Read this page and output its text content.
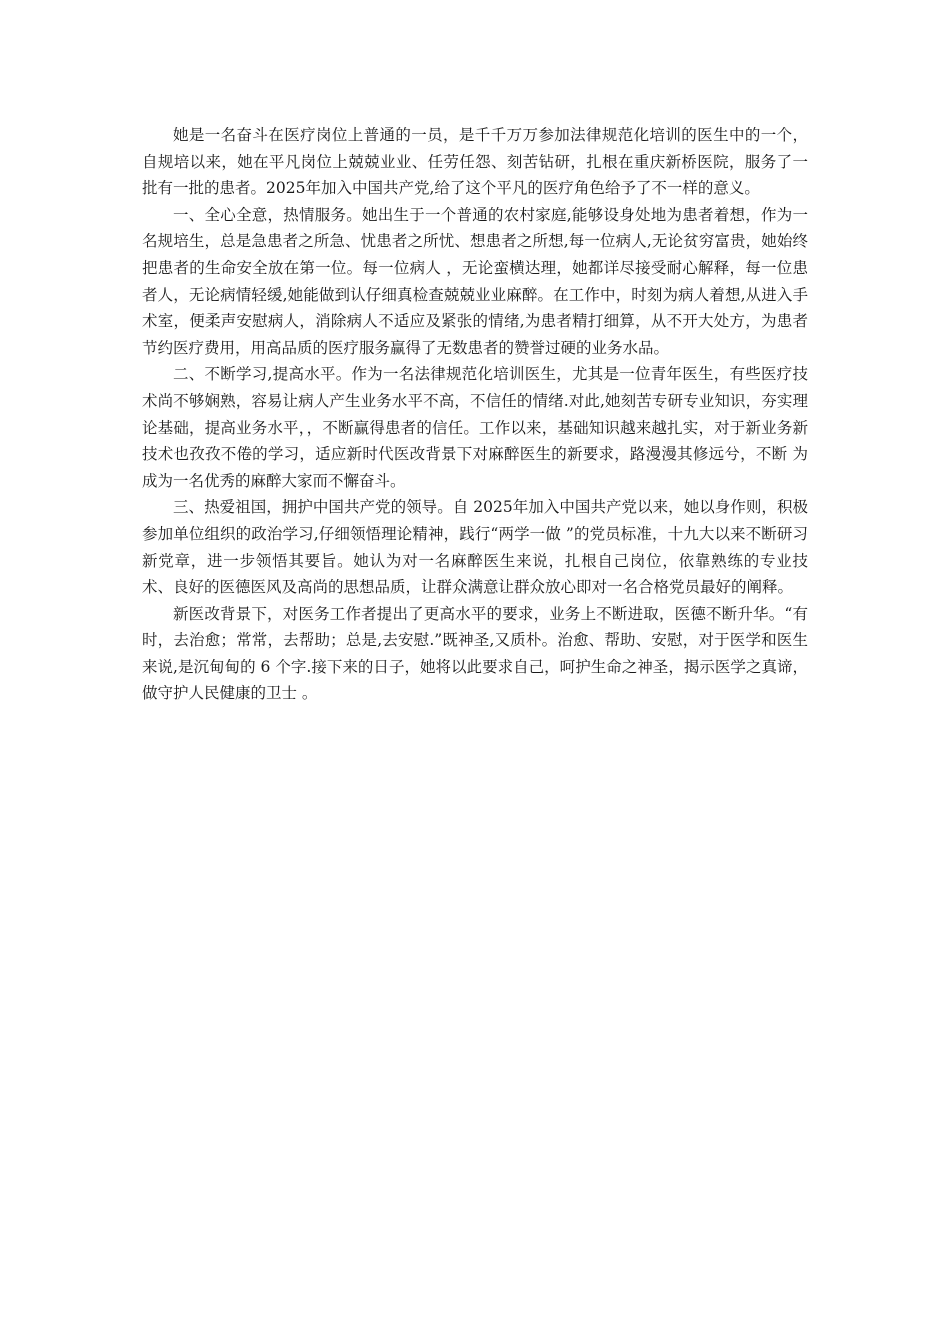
她是一名奋斗在医疗岗位上普通的一员，是千千万万参加法律规范化培训的医生中的一个，自规培以来，她在平凡岗位上兢兢业业、任劳任怨、刻苦钻研，扎根在重庆新桥医院，服务了一批有一批的患者。2025年加入中国共产党,给了这个平凡的医疗角色给予了不一样的意义。

一、全心全意，热情服务。她出生于一个普通的农村家庭,能够设身处地为患者着想，作为一名规培生，总是急患者之所急、忧患者之所忧、想患者之所想,每一位病人,无论贫穷富贵，她始终把患者的生命安全放在第一位。每一位病人 ，无论蛮横达理，她都详尽接受耐心解释，每一位患者人，无论病情轻缓,她能做到认仔细真检查兢兢业业麻醉。在工作中，时刻为病人着想,从进入手术室，便柔声安慰病人，消除病人不适应及紧张的情绪,为患者精打细算，从不开大处方，为患者节约医疗费用，用高品质的医疗服务赢得了无数患者的赞誉过硬的业务水品。

二、不断学习,提高水平。作为一名法律规范化培训医生，尤其是一位青年医生，有些医疗技术尚不够娴熟，容易让病人产生业务水平不高，不信任的情绪.对此,她刻苦专研专业知识，夯实理论基础，提高业务水平，，不断赢得患者的信任。工作以来，基础知识越来越扎实，对于新业务新技术也孜孜不倦的学习，适应新时代医改背景下对麻醉医生的新要求，路漫漫其修远兮，不断 为成为一名优秀的麻醉大家而不懈奋斗。

三、热爱祖国，拥护中国共产党的领导。自 2025年加入中国共产党以来，她以身作则，积极参加单位组织的政治学习,仔细领悟理论精神，践行“两学一做 ”的党员标准，十九大以来不断研习新党章，进一步领悟其要旨。她认为对一名麻醉医生来说，扎根自己岗位，依靠熟练的专业技术、良好的医德医风及高尚的思想品质，让群众满意让群众放心即对一名合格党员最好的阐释。

新医改背景下，对医务工作者提出了更高水平的要求，业务上不断进取，医德不断升华。“有时，去治愈；常常，去帮助；总是,去安慰.”既神圣,又质朴。治愈、帮助、安慰，对于医学和医生来说,是沉甸甸的 6 个字.接下来的日子，她将以此要求自己，呵护生命之神圣，揭示医学之真谛，做守护人民健康的卫士 。
